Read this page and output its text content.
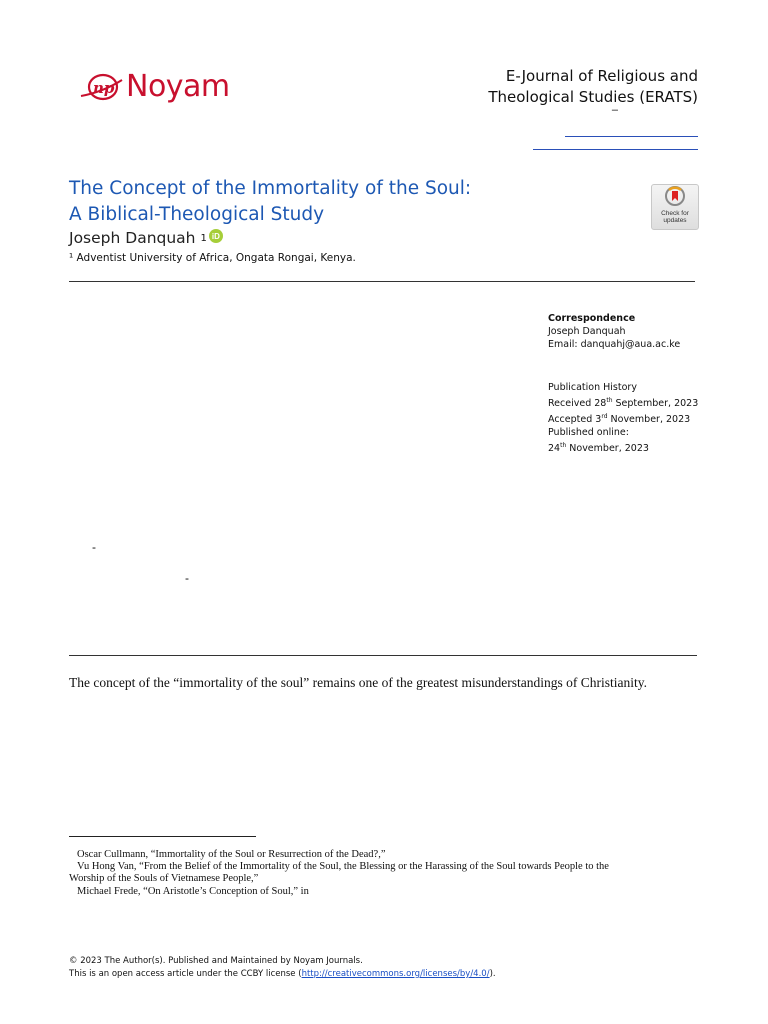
np Noyam	E-Journal of Religious and
Theological Studies (ERATS)
–
The Concept of the Immortality of the Soul:
A Biblical-Theological Study
Joseph Danquah 1 iD
¹ Adventist University of Africa, Ongata Rongai, Kenya.
Check for
updates
Correspondence
Joseph Danquah
Email: danquahj@aua.ac.ke
Publication History
Received 28th September, 2023
Accepted 3rd November, 2023
Published online:
24th November, 2023
-
-
The concept of the “immortality of the soul” remains one of the greatest misunderstandings of Christianity.
Oscar Cullmann, “Immortality of the Soul or Resurrection of the Dead?,”
Vu Hong Van, “From the Belief of the Immortality of the Soul, the Blessing or the Harassing of the Soul towards People to the
Worship of the Souls of Vietnamese People,”
Michael Frede, “On Aristotle’s Conception of Soul,” in
© 2023 The Author(s). Published and Maintained by Noyam Journals.
This is an open access article under the CCBY license (http://creativecommons.org/licenses/by/4.0/).
